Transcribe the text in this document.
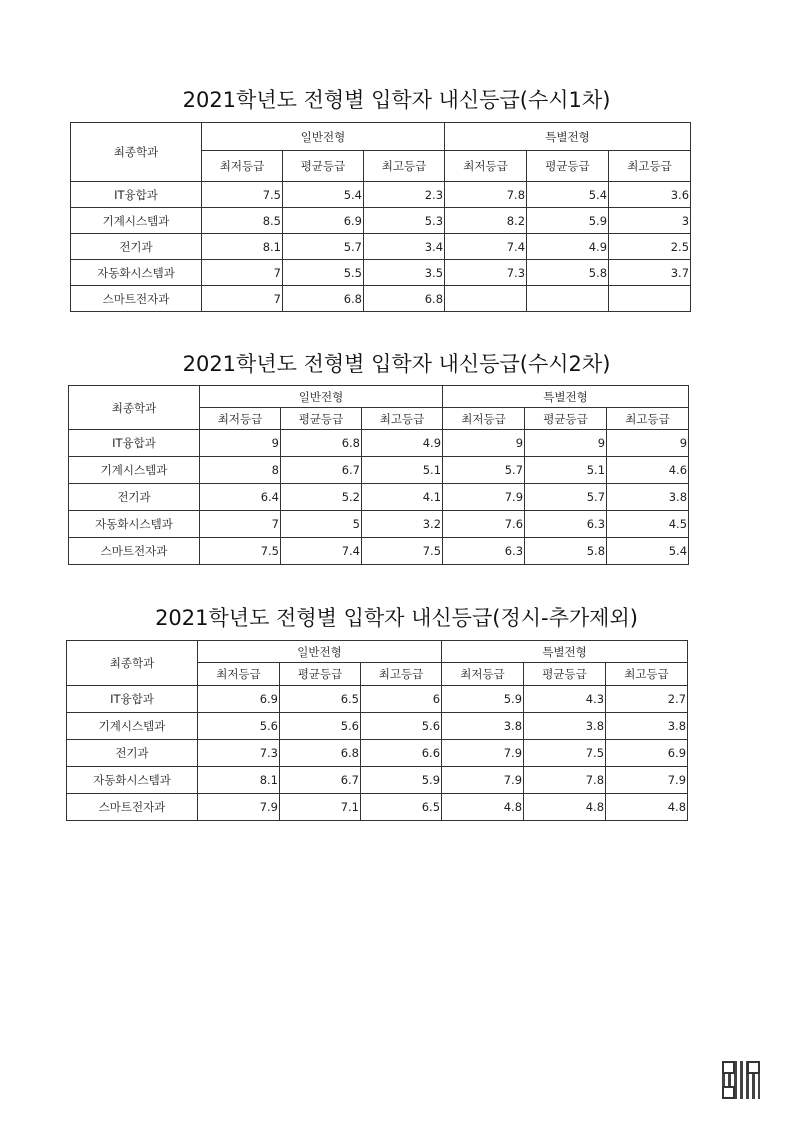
2021학년도 전형별 입학자 내신등급(수시1차)
최종학과	일반전형			특별전형		
	최저등급	평균등급	최고등급	최저등급	평균등급	최고등급
IT융합과	7.5	5.4	2.3	7.8	5.4	3.6
기계시스템과	8.5	6.9	5.3	8.2	5.9	3
전기과	8.1	5.7	3.4	7.4	4.9	2.5
자동화시스템과	7	5.5	3.5	7.3	5.8	3.7
스마트전자과	7	6.8	6.8			
2021학년도 전형별 입학자 내신등급(수시2차)
최종학과	일반전형			특별전형		
	최저등급	평균등급	최고등급	최저등급	평균등급	최고등급
IT융합과	9	6.8	4.9	9	9	9
기계시스템과	8	6.7	5.1	5.7	5.1	4.6
전기과	6.4	5.2	4.1	7.9	5.7	3.8
자동화시스템과	7	5	3.2	7.6	6.3	4.5
스마트전자과	7.5	7.4	7.5	6.3	5.8	5.4
2021학년도 전형별 입학자 내신등급(정시-추가제외)
최종학과	일반전형			특별전형		
	최저등급	평균등급	최고등급	최저등급	평균등급	최고등급
IT융합과	6.9	6.5	6	5.9	4.3	2.7
기계시스템과	5.6	5.6	5.6	3.8	3.8	3.8
전기과	7.3	6.8	6.6	7.9	7.5	6.9
자동화시스템과	8.1	6.7	5.9	7.9	7.8	7.9
스마트전자과	7.9	7.1	6.5	4.8	4.8	4.8
